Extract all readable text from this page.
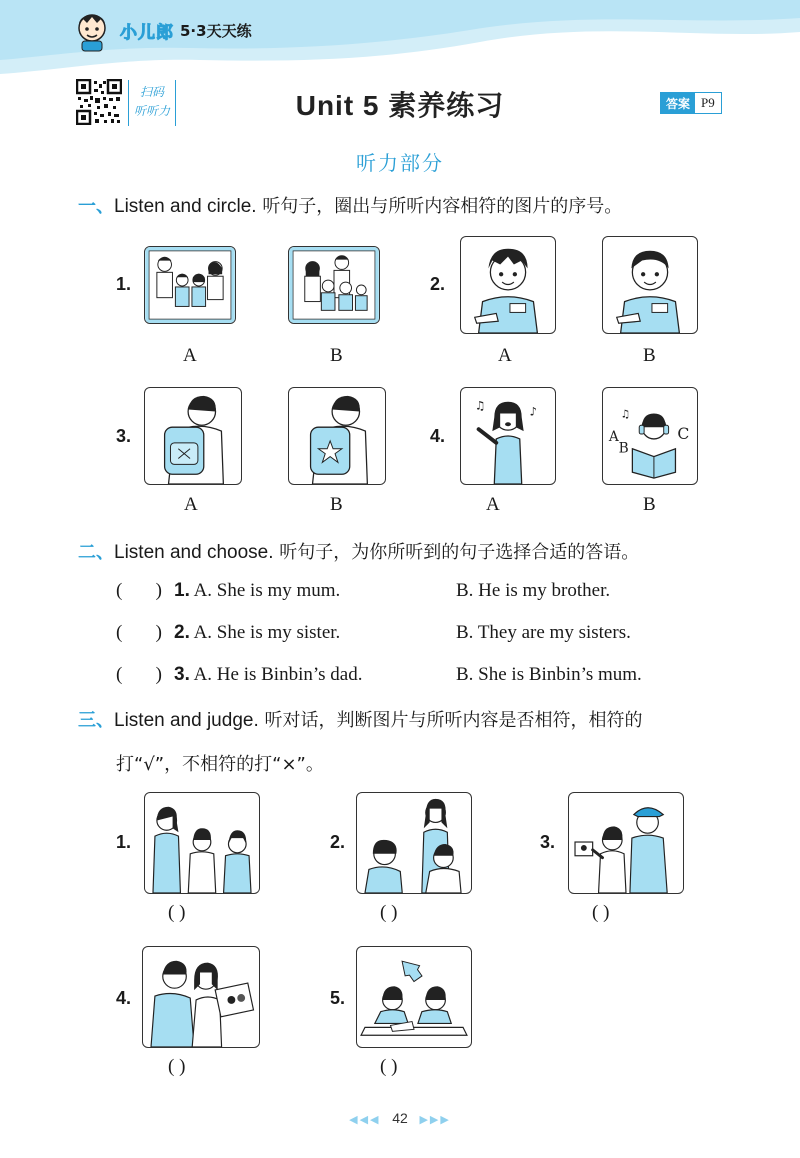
小儿郎 5·3天天练
扫码
听听力	Unit 5 素养练习	答案 P9
听力部分
一、Listen and circle. 听句子，圈出与所听内容相符的图片的序号。
1.
A	B
2.
A	B
3.
A	B
4.
♫	♪
A
A
B
C
♫
B
二、Listen and choose. 听句子，为你所听到的句子选择合适的答语。
(       ) 1. A. She is my mum.	B. He is my brother.
(       ) 2. A. She is my sister.	B. They are my sisters.
(       ) 3. A. He is Binbin’s dad.	B. She is Binbin’s mum.
三、Listen and judge. 听对话，判断图片与所听内容是否相符，相符的
打“√”，不相符的打“×”。
1.
( )
2.
( )
3.
( )
4.
( )
5.
( )
◀◀◀ 42 ▶▶▶
